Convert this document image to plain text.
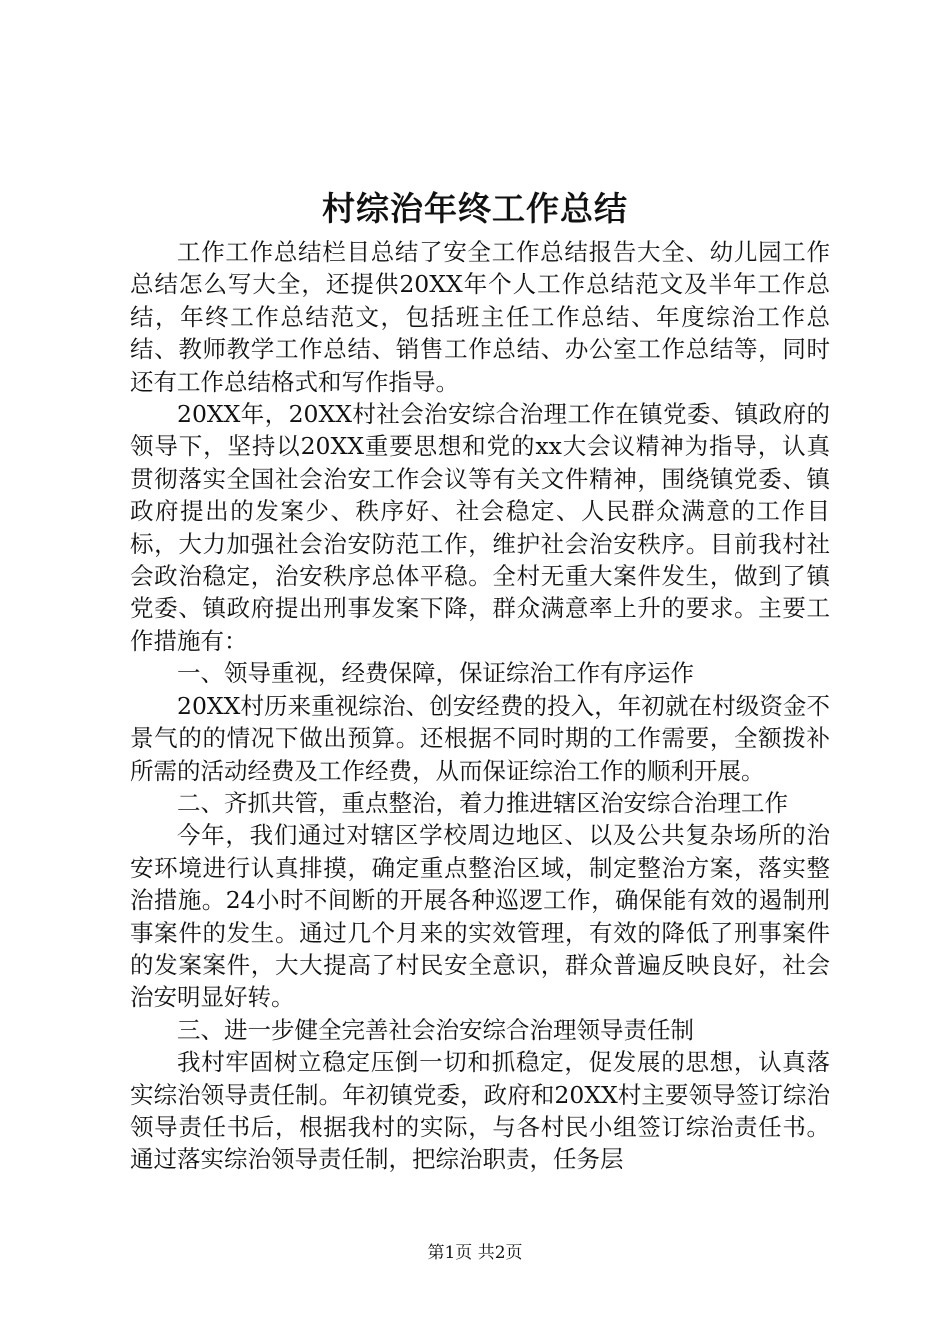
村综治年终工作总结

工作工作总结栏目总结了安全工作总结报告大全、幼儿园工作总结怎么写大全，还提供20XX年个人工作总结范文及半年工作总结，年终工作总结范文，包括班主任工作总结、年度综治工作总结、教师教学工作总结、销售工作总结、办公室工作总结等，同时还有工作总结格式和写作指导。

20XX年，20XX村社会治安综合治理工作在镇党委、镇政府的领导下，坚持以20XX重要思想和党的xx大会议精神为指导，认真贯彻落实全国社会治安工作会议等有关文件精神，围绕镇党委、镇政府提出的发案少、秩序好、社会稳定、人民群众满意的工作目标，大力加强社会治安防范工作，维护社会治安秩序。目前我村社会政治稳定，治安秩序总体平稳。全村无重大案件发生，做到了镇党委、镇政府提出刑事发案下降，群众满意率上升的要求。主要工作措施有：

一、领导重视，经费保障，保证综治工作有序运作

20XX村历来重视综治、创安经费的投入，年初就在村级资金不景气的的情况下做出预算。还根据不同时期的工作需要，全额拨补所需的活动经费及工作经费，从而保证综治工作的顺利开展。

二、齐抓共管，重点整治，着力推进辖区治安综合治理工作

今年，我们通过对辖区学校周边地区、以及公共复杂场所的治安环境进行认真排摸，确定重点整治区域，制定整治方案，落实整治措施。24小时不间断的开展各种巡逻工作，确保能有效的遏制刑事案件的发生。通过几个月来的实效管理，有效的降低了刑事案件的发案案件，大大提高了村民安全意识，群众普遍反映良好，社会治安明显好转。

三、进一步健全完善社会治安综合治理领导责任制

我村牢固树立稳定压倒一切和抓稳定，促发展的思想，认真落实综治领导责任制。年初镇党委，政府和20XX村主要领导签订综治领导责任书后，根据我村的实际，与各村民小组签订综治责任书。通过落实综治领导责任制，把综治职责，任务层

第1页 共2页
